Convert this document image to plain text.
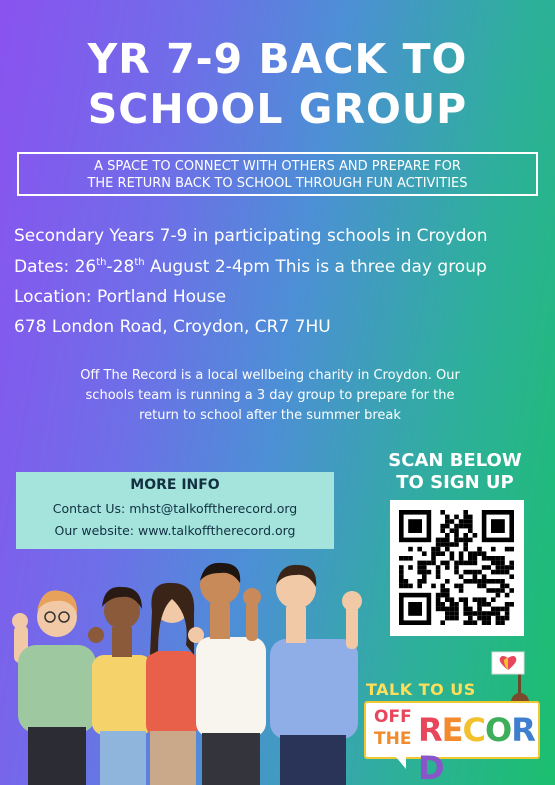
YR 7-9 BACK TO
SCHOOL GROUP
A SPACE TO CONNECT WITH OTHERS AND PREPARE FOR
THE RETURN BACK TO SCHOOL THROUGH FUN ACTIVITIES
Secondary Years 7-9 in participating schools in Croydon
Dates: 26th-28th August 2-4pm This is a three day group
Location: Portland House
678 London Road, Croydon, CR7 7HU
Off The Record is a local wellbeing charity in Croydon. Our
schools team is running a 3 day group to prepare for the
return to school after the summer break
MORE INFO
Contact Us: mhst@talkofftherecord.org
Our website: www.talkofftherecord.org
SCAN BELOW
TO SIGN UP
TALK TO US
OFF
THE RECORD
